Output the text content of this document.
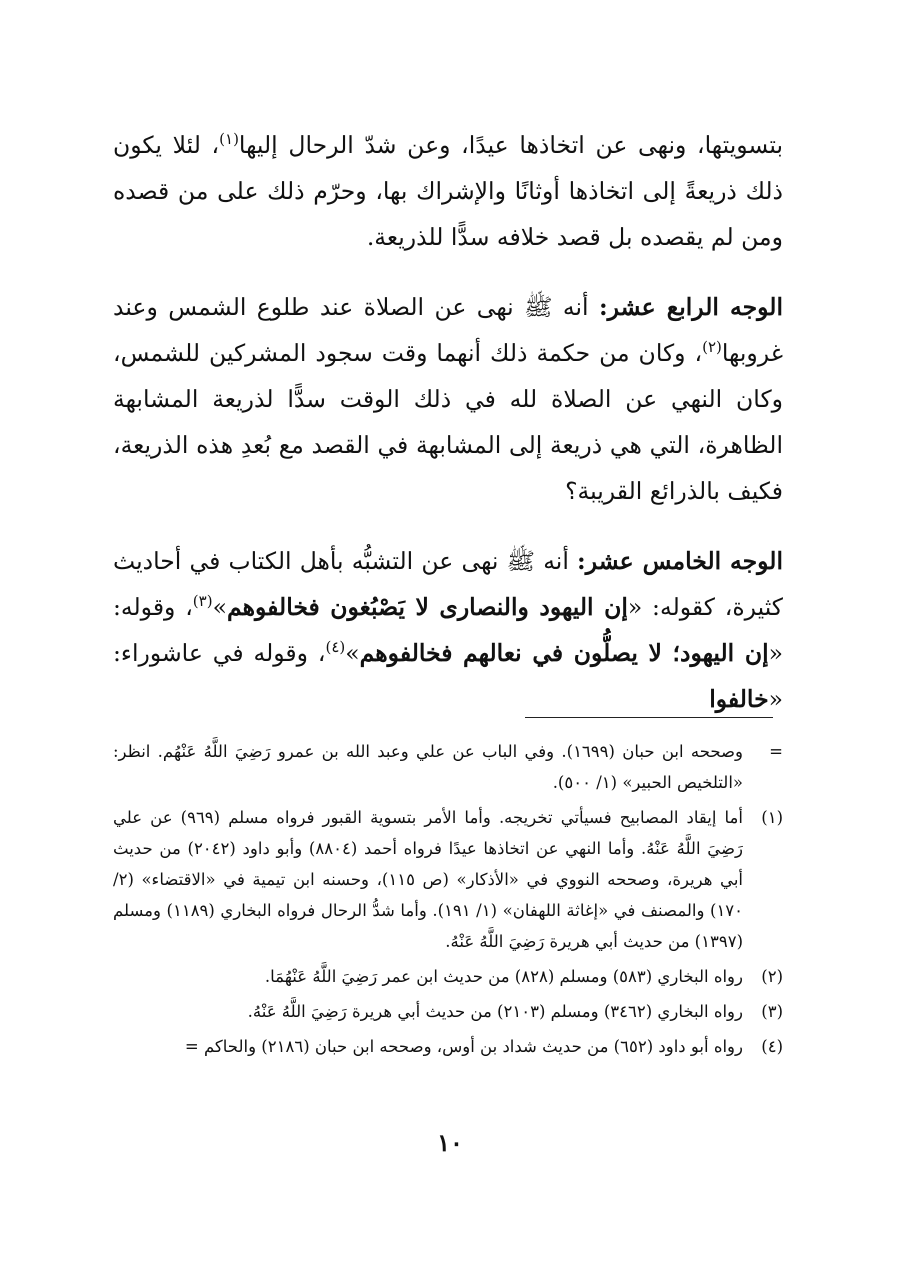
بتسويتها، ونهى عن اتخاذها عيدًا، وعن شدّ الرحال إليها$^{(١)}$، لئلا يكون ذلك ذريعةً إلى اتخاذها أوثانًا والإشراك بها، وحرّم ذلك على من قصده ومن لم يقصده بل قصد خلافه سدًّا للذريعة.

الوجه الرابع عشر: أنه ﷺ نهى عن الصلاة عند طلوع الشمس وعند غروبها$^{(٢)}$، وكان من حكمة ذلك أنهما وقت سجود المشركين للشمس، وكان النهي عن الصلاة لله في ذلك الوقت سدًّا لذريعة المشابهة الظاهرة، التي هي ذريعة إلى المشابهة في القصد مع بُعدِ هذه الذريعة، فكيف بالذرائع القريبة؟

الوجه الخامس عشر: أنه ﷺ نهى عن التشبُّه بأهل الكتاب في أحاديث كثيرة، كقوله: «إن اليهود والنصارى لا يَصْبُغون فخالفوهم»$^{(٣)}$، وقوله: «إن اليهود؛ لا يصلُّون في نعالهم فخالفوهم»$^{(٤)}$، وقوله في عاشوراء: «خالفوا

=
وصححه ابن حبان (١٦٩٩). وفي الباب عن علي وعبد الله بن عمرو رَضِيَ اللَّهُ عَنْهُم. انظر: «التلخيص الحبير» (١/ ٥٠٠).
(١)
أما إيقاد المصابيح فسيأتي تخريجه. وأما الأمر بتسوية القبور فرواه مسلم (٩٦٩) عن علي رَضِيَ اللَّهُ عَنْهُ. وأما النهي عن اتخاذها عيدًا فرواه أحمد (٨٨٠٤) وأبو داود (٢٠٤٢) من حديث أبي هريرة، وصححه النووي في «الأذكار» (ص ١١٥)، وحسنه ابن تيمية في «الاقتضاء» (٢/ ١٧٠) والمصنف في «إغاثة اللهفان» (١/ ١٩١). وأما شدُّ الرحال فرواه البخاري (١١٨٩) ومسلم (١٣٩٧) من حديث أبي هريرة رَضِيَ اللَّهُ عَنْهُ.
(٢)
رواه البخاري (٥٨٣) ومسلم (٨٢٨) من حديث ابن عمر رَضِيَ اللَّهُ عَنْهُمَا.
(٣)
رواه البخاري (٣٤٦٢) ومسلم (٢١٠٣) من حديث أبي هريرة رَضِيَ اللَّهُ عَنْهُ.
(٤)
رواه أبو داود (٦٥٢) من حديث شداد بن أوس، وصححه ابن حبان (٢١٨٦) والحاكم =
١٠
